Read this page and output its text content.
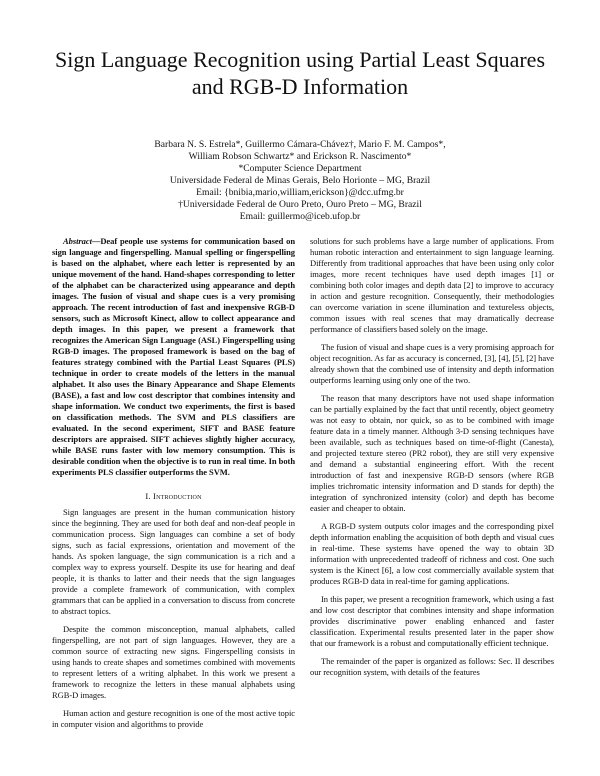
Sign Language Recognition using Partial Least Squares and RGB-D Information
Barbara N. S. Estrela*, Guillermo Cámara-Chávez†, Mario F. M. Campos*,
William Robson Schwartz* and Erickson R. Nascimento*
*Computer Science Department
Universidade Federal de Minas Gerais, Belo Horionte – MG, Brazil
Email: {bnibia,mario,william,erickson}@dcc.ufmg.br
†Universidade Federal de Ouro Preto, Ouro Preto – MG, Brazil
Email: guillermo@iceb.ufop.br

Abstract—Deaf people use systems for communication based on sign language and fingerspelling. Manual spelling or fingerspelling is based on the alphabet, where each letter is represented by an unique movement of the hand. Hand-shapes corresponding to letter of the alphabet can be characterized using appearance and depth images. The fusion of visual and shape cues is a very promising approach. The recent introduction of fast and inexpensive RGB-D sensors, such as Microsoft Kinect, allow to collect appearance and depth images. In this paper, we present a framework that recognizes the American Sign Language (ASL) Fingerspelling using RGB-D images. The proposed framework is based on the bag of features strategy combined with the Partial Least Squares (PLS) technique in order to create models of the letters in the manual alphabet. It also uses the Binary Appearance and Shape Elements (BASE), a fast and low cost descriptor that combines intensity and shape information. We conduct two experiments, the first is based on classification methods. The SVM and PLS classifiers are evaluated. In the second experiment, SIFT and BASE feature descriptors are appraised. SIFT achieves slightly higher accuracy, while BASE runs faster with low memory consumption. This is desirable condition when the objective is to run in real time. In both experiments PLS classifier outperforms the SVM.

I. Introduction

Sign languages are present in the human communication history since the beginning. They are used for both deaf and non-deaf people in communication process. Sign languages can combine a set of body signs, such as facial expressions, orientation and movement of the hands. As spoken language, the sign communication is a rich and a complex way to express yourself. Despite its use for hearing and deaf people, it is thanks to latter and their needs that the sign languages provide a complete framework of communication, with complex grammars that can be applied in a conversation to discuss from concrete to abstract topics.

Despite the common misconception, manual alphabets, called fingerspelling, are not part of sign languages. However, they are a common source of extracting new signs. Fingerspelling consists in using hands to create shapes and sometimes combined with movements to represent letters of a writing alphabet. In this work we present a framework to recognize the letters in these manual alphabets using RGB-D images.

Human action and gesture recognition is one of the most active topic in computer vision and algorithms to provide

solutions for such problems have a large number of applications. From human robotic interaction and entertainment to sign language learning. Differently from traditional approaches that have been using only color images, more recent techniques have used depth images [1] or combining both color images and depth data [2] to improve to accuracy in action and gesture recognition. Consequently, their methodologies can overcome variation in scene illumination and textureless objects, common issues with real scenes that may dramatically decrease performance of classifiers based solely on the image.

The fusion of visual and shape cues is a very promising approach for object recognition. As far as accuracy is concerned, [3], [4], [5], [2] have already shown that the combined use of intensity and depth information outperforms learning using only one of the two.

The reason that many descriptors have not used shape information can be partially explained by the fact that until recently, object geometry was not easy to obtain, nor quick, so as to be combined with image feature data in a timely manner. Although 3-D sensing techniques have been available, such as techniques based on time-of-flight (Canesta), and projected texture stereo (PR2 robot), they are still very expensive and demand a substantial engineering effort. With the recent introduction of fast and inexpensive RGB-D sensors (where RGB implies trichromatic intensity information and D stands for depth) the integration of synchronized intensity (color) and depth has become easier and cheaper to obtain.

A RGB-D system outputs color images and the corresponding pixel depth information enabling the acquisition of both depth and visual cues in real-time. These systems have opened the way to obtain 3D information with unprecedented tradeoff of richness and cost. One such system is the Kinect [6], a low cost commercially available system that produces RGB-D data in real-time for gaming applications.

In this paper, we present a recognition framework, which using a fast and low cost descriptor that combines intensity and shape information provides discriminative power enabling enhanced and faster classification. Experimental results presented later in the paper show that our framework is a robust and computationally efficient technique.

The remainder of the paper is organized as follows: Sec. II describes our recognition system, with details of the features
